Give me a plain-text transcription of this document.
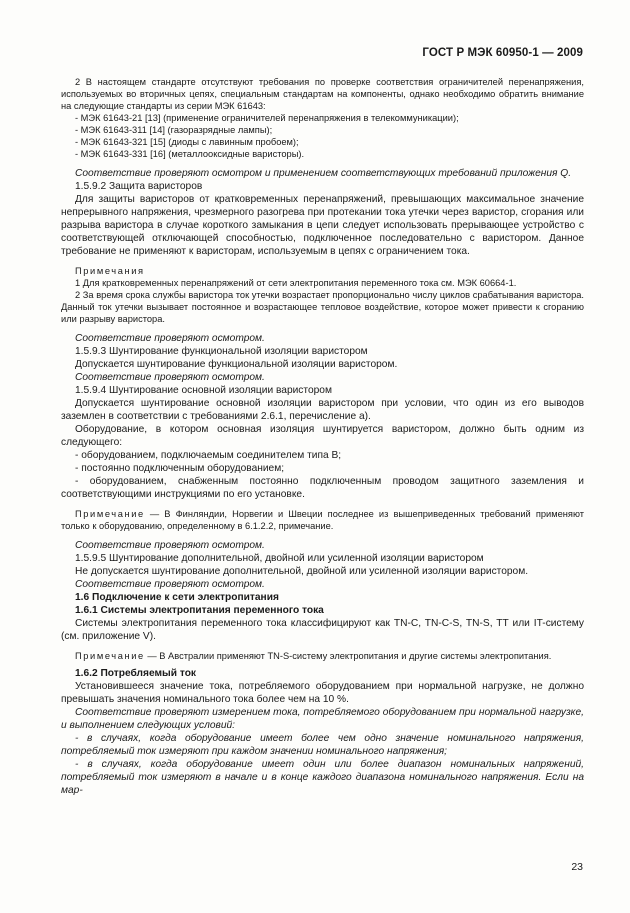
ГОСТ Р МЭК 60950-1 — 2009

2 В настоящем стандарте отсутствуют требования по проверке соответствия ограничителей перенапряжения, используемых во вторичных цепях, специальным стандартам на компоненты, однако необходимо обратить внимание на следующие стандарты из серии МЭК 61643:

- МЭК 61643-21 [13] (применение ограничителей перенапряжения в телекоммуникации);

- МЭК 61643-311 [14] (газоразрядные лампы);

- МЭК 61643-321 [15] (диоды с лавинным пробоем);

- МЭК 61643-331 [16] (металлооксидные варисторы).

Соответствие проверяют осмотром и применением соответствующих требований приложения Q.

1.5.9.2 Защита варисторов

Для защиты варисторов от кратковременных перенапряжений, превышающих максимальное значение непрерывного напряжения, чрезмерного разогрева при протекании тока утечки через варистор, сгорания или разрыва варистора в случае короткого замыкания в цепи следует использовать прерывающее устройство с соответствующей отключающей способностью, подключенное последовательно с варистором. Данное требование не применяют к варисторам, используемым в цепях с ограничением тока.

Примечания

1 Для кратковременных перенапряжений от сети электропитания переменного тока см. МЭК 60664-1.

2 За время срока службы варистора ток утечки возрастает пропорционально числу циклов срабатывания варистора. Данный ток утечки вызывает постоянное и возрастающее тепловое воздействие, которое может привести к сгоранию или разрыву варистора.

Соответствие проверяют осмотром.

1.5.9.3 Шунтирование функциональной изоляции варистором

Допускается шунтирование функциональной изоляции варистором.

Соответствие проверяют осмотром.

1.5.9.4 Шунтирование основной изоляции варистором

Допускается шунтирование основной изоляции варистором при условии, что один из его выводов заземлен в соответствии с требованиями 2.6.1, перечисление а).

Оборудование, в котором основная изоляция шунтируется варистором, должно быть одним из следующего:

- оборудованием, подключаемым соединителем типа В;

- постоянно подключенным оборудованием;

- оборудованием, снабженным постоянно подключенным проводом защитного заземления и соответствующими инструкциями по его установке.

Примечание — В Финляндии, Норвегии и Швеции последнее из вышеприведенных требований применяют только к оборудованию, определенному в 6.1.2.2, примечание.

Соответствие проверяют осмотром.

1.5.9.5 Шунтирование дополнительной, двойной или усиленной изоляции варистором

Не допускается шунтирование дополнительной, двойной или усиленной изоляции варистором.

Соответствие проверяют осмотром.

1.6 Подключение к сети электропитания

1.6.1 Системы электропитания переменного тока

Системы электропитания переменного тока классифицируют как TN-C, TN-C-S, TN-S, TT или IT-систему (см. приложение V).

Примечание — В Австралии применяют TN-S-систему электропитания и другие системы электропитания.

1.6.2 Потребляемый ток

Установившееся значение тока, потребляемого оборудованием при нормальной нагрузке, не должно превышать значения номинального тока более чем на 10 %.

Соответствие проверяют измерением тока, потребляемого оборудованием при нормальной нагрузке, и выполнением следующих условий:

- в случаях, когда оборудование имеет более чем одно значение номинального напряжения, потребляемый ток измеряют при каждом значении номинального напряжения;

- в случаях, когда оборудование имеет один или более диапазон номинальных напряжений, потребляемый ток измеряют в начале и в конце каждого диапазона номинального напряжения. Если на мар-

23
